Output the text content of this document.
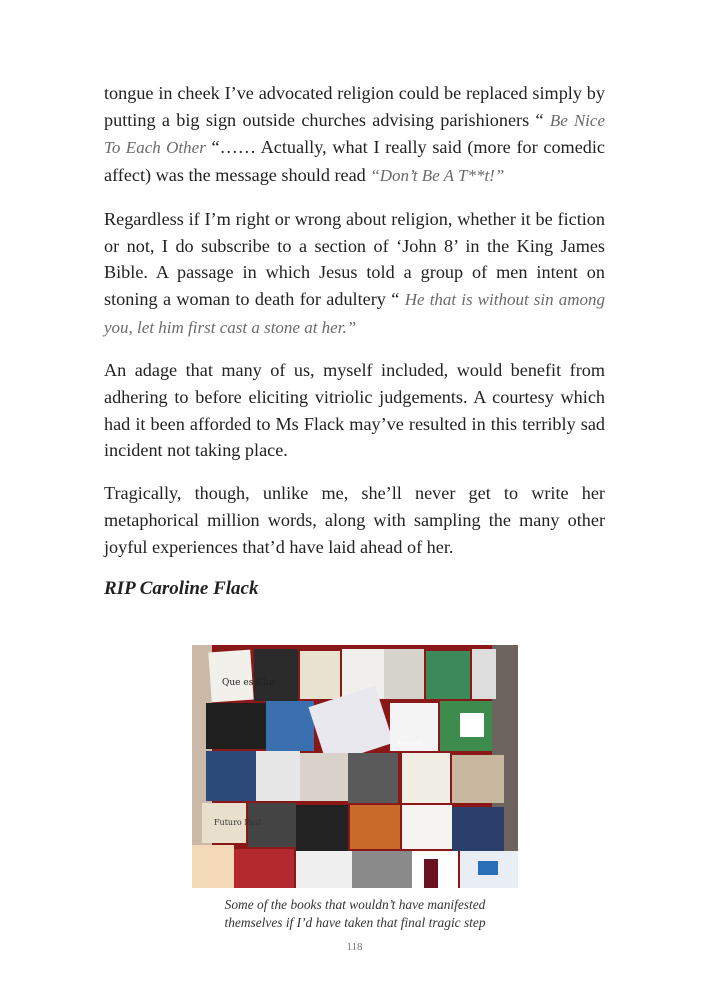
tongue in cheek I’ve advocated religion could be replaced simply by putting a big sign outside churches advising parishioners “ Be Nice To Each Other “…… Actually, what I really said (more for comedic affect) was the message should read “Don’t Be A T**t!”

Regardless if I’m right or wrong about religion, whether it be fiction or not, I do subscribe to a section of ‘John 8’ in the King James Bible. A passage in which Jesus told a group of men intent on stoning a woman to death for adultery “ He that is without sin among you, let him first cast a stone at her.”

An adage that many of us, myself included, would benefit from adhering to before eliciting vitriolic judgements. A courtesy which had it been afforded to Ms Flack may’ve resulted in this terribly sad incident not taking place.

Tragically, though, unlike me, she’ll never get to write her metaphorical million words, along with sampling the many other joyful experiences that’d have laid ahead of her.

RIP Caroline Flack
Que es Che
Futuro Past
Bequest
Some of the books that wouldn’t have manifested
themselves if I’d have taken that final tragic step
118
